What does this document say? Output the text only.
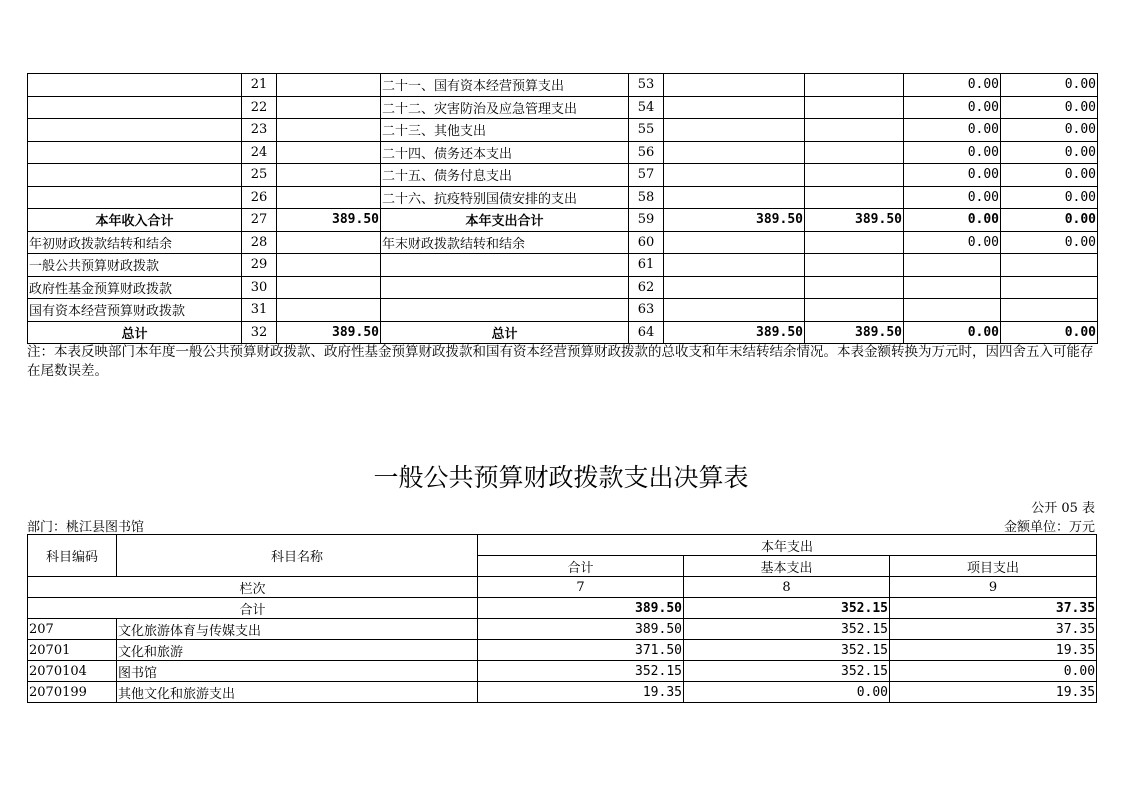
	21		二十一、国有资本经营预算支出	53			0.00	0.00
	22		二十二、灾害防治及应急管理支出	54			0.00	0.00
	23		二十三、其他支出	55			0.00	0.00
	24		二十四、债务还本支出	56			0.00	0.00
	25		二十五、债务付息支出	57			0.00	0.00
	26		二十六、抗疫特别国债安排的支出	58			0.00	0.00
本年收入合计	27	389.50	本年支出合计	59	389.50	389.50	0.00	0.00
年初财政拨款结转和结余	28		年末财政拨款结转和结余	60			0.00	0.00
一般公共预算财政拨款	29			61				
政府性基金预算财政拨款	30			62				
国有资本经营预算财政拨款	31			63				
总计	32	389.50	总计	64	389.50	389.50	0.00	0.00
注：本表反映部门本年度一般公共预算财政拨款、政府性基金预算财政拨款和国有资本经营预算财政拨款的总收支和年末结转结余情况。本表金额转换为万元时，因四舍五入可能存在尾数误差。
一般公共预算财政拨款支出决算表
公开 05 表
部门：桃江县图书馆	金额单位：万元
科目编码	科目名称	本年支出		
		合计	基本支出	项目支出
栏次		7	8	9
合计		389.50	352.15	37.35
207	文化旅游体育与传媒支出	389.50	352.15	37.35
20701	文化和旅游	371.50	352.15	19.35
2070104	图书馆	352.15	352.15	0.00
2070199	其他文化和旅游支出	19.35	0.00	19.35
